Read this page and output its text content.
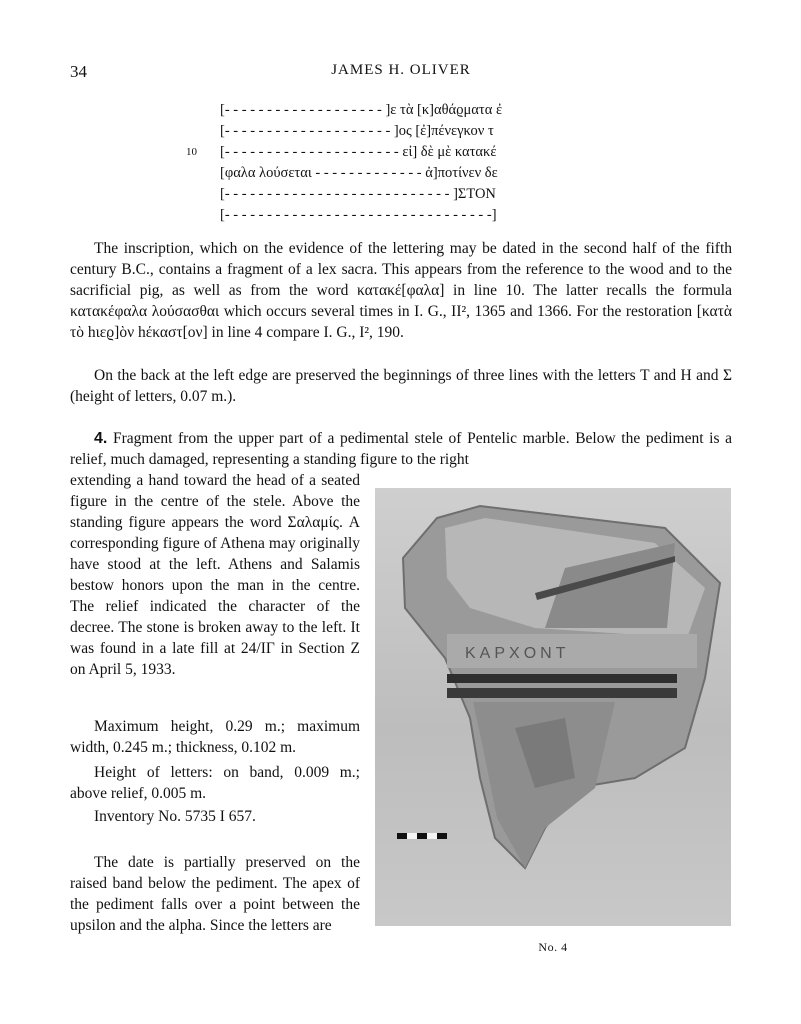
34	JAMES H. OLIVER
[- - - - - - - - - - - - - - - - - - - ]ε τὰ [κ]αθάϱματα ἐ
[- - - - - - - - - - - - - - - - - - - - ]ος [ἐ]πένεγκον τ
10 [- - - - - - - - - - - - - - - - - - - - - εἰ] δὲ μὲ κατακέ
[φαλα λούσεται - - - - - - - - - - - - - ἀ]ποτίνεν δε
[- - - - - - - - - - - - - - - - - - - - - - - - - - - ]ΣΤΟΝ
[- - - - - - - - - - - - - - - - - - - - - - - - - - - - - - - -]

The inscription, which on the evidence of the lettering may be dated in the second half of the fifth century B.C., contains a fragment of a lex sacra. This appears from the reference to the wood and to the sacrificial pig, as well as from the word κατακέ[φαλα] in line 10. The latter recalls the formula κατακέφαλα λούσασθαι which occurs several times in I. G., II², 1365 and 1366. For the restoration [κατὰ τὸ hιεϱ]ὸν hέκαστ[ον] in line 4 compare I. G., I², 190.

On the back at the left edge are preserved the beginnings of three lines with the letters Τ and Η and Σ (height of letters, 0.07 m.).

4. Fragment from the upper part of a pedimental stele of Pentelic marble. Below the pediment is a relief, much damaged, representing a standing figure to the right

extending a hand toward the head of a seated figure in the centre of the stele. Above the standing figure appears the word Σαλαμίς. A corresponding figure of Athena may originally have stood at the left. Athens and Salamis bestow honors upon the man in the centre. The relief indicated the character of the decree. The stone is broken away to the left. It was found in a late fill at 24/ΙΓ in Section Ζ on April 5, 1933.

Maximum height, 0.29 m.; maximum width, 0.245 m.; thickness, 0.102 m.

Height of letters: on band, 0.009 m.; above relief, 0.005 m.

Inventory No. 5735 I 657.

The date is partially preserved on the raised band below the pediment. The apex of the pediment falls over a point between the upsilon and the alpha. Since the letters are

ΚΑΡΧΟΝΤ
No. 4
